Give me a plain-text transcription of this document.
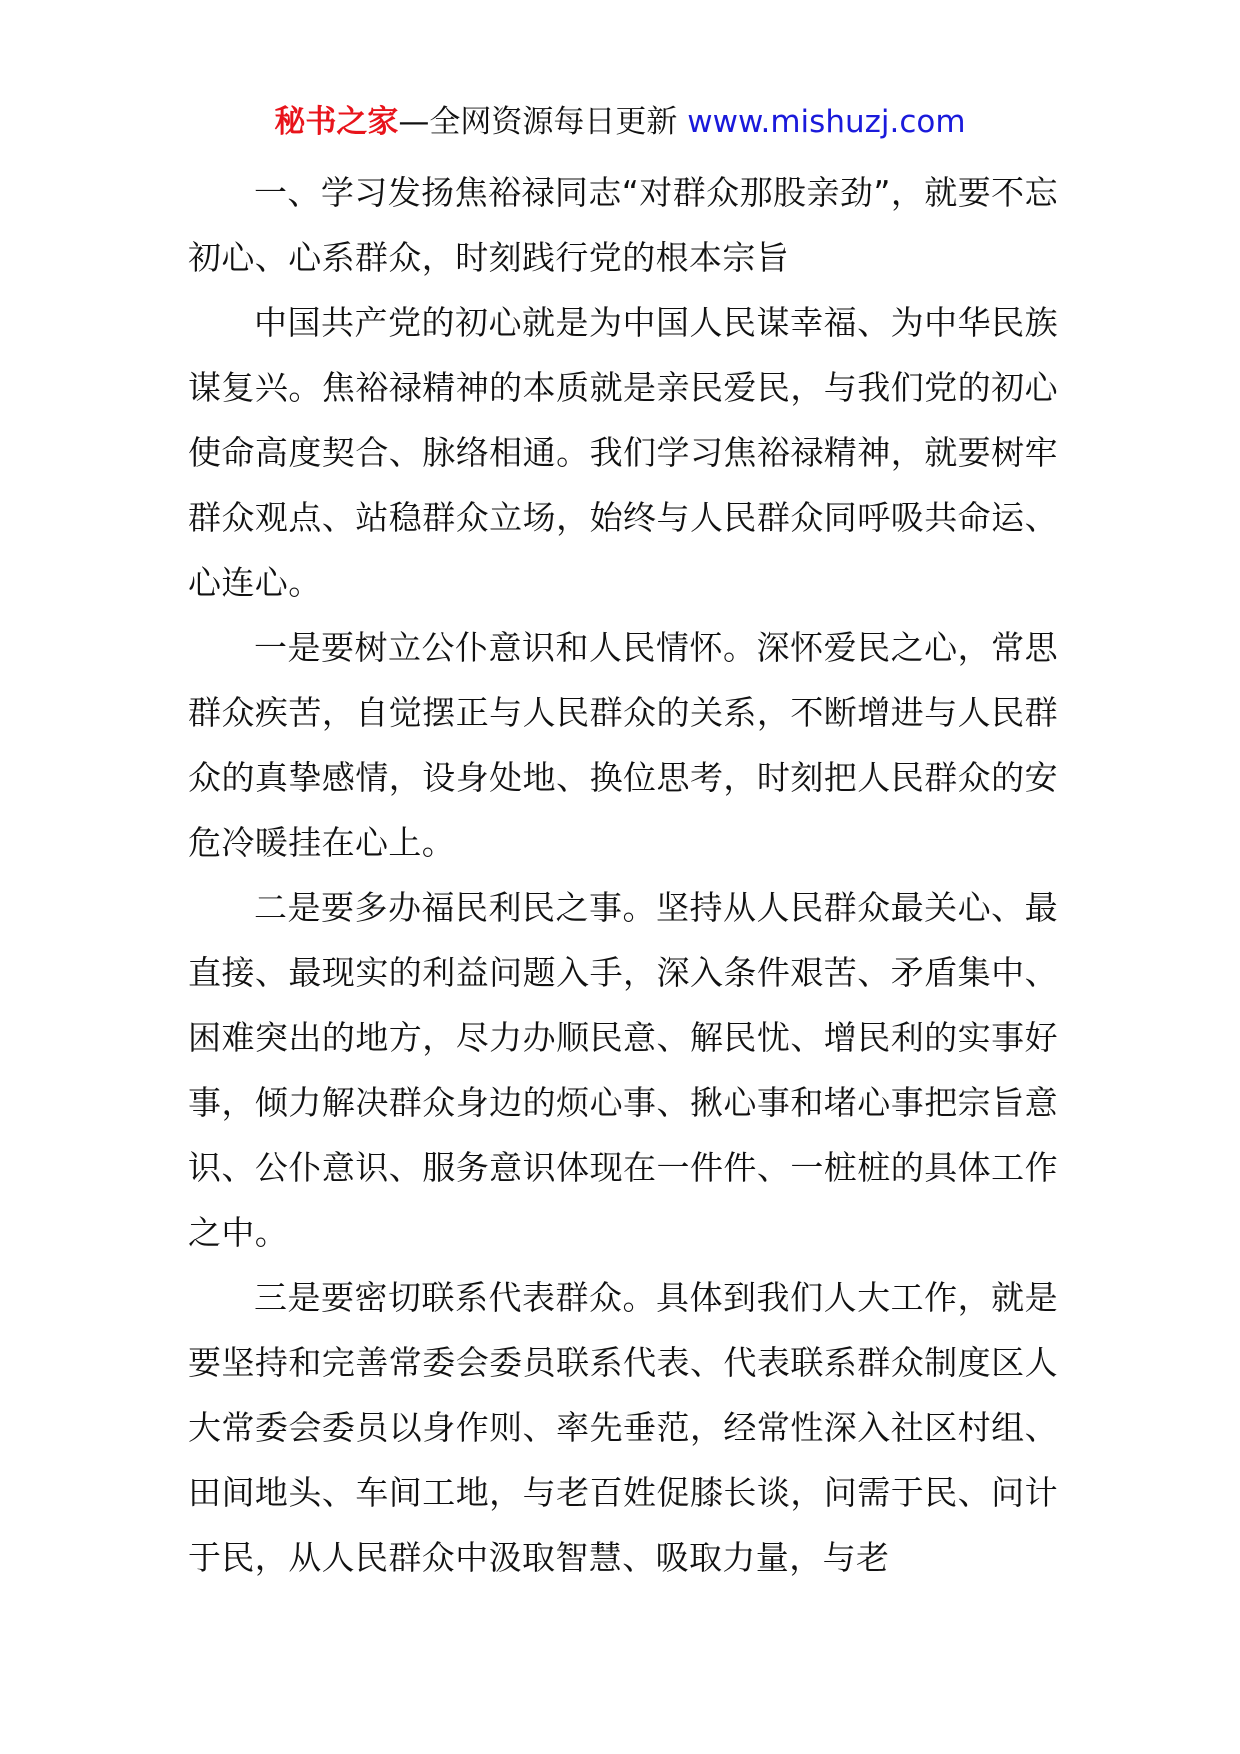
秘书之家—全网资源每日更新 www.mishuzj.com

一、学习发扬焦裕禄同志“对群众那股亲劲”，就要不忘初心、心系群众，时刻践行党的根本宗旨

中国共产党的初心就是为中国人民谋幸福、为中华民族谋复兴。焦裕禄精神的本质就是亲民爱民，与我们党的初心使命高度契合、脉络相通。我们学习焦裕禄精神，就要树牢群众观点、站稳群众立场，始终与人民群众同呼吸共命运、心连心。

一是要树立公仆意识和人民情怀。深怀爱民之心，常思群众疾苦，自觉摆正与人民群众的关系，不断增进与人民群众的真挚感情，设身处地、换位思考，时刻把人民群众的安危冷暖挂在心上。

二是要多办福民利民之事。坚持从人民群众最关心、最直接、最现实的利益问题入手，深入条件艰苦、矛盾集中、困难突出的地方，尽力办顺民意、解民忧、增民利的实事好事，倾力解决群众身边的烦心事、揪心事和堵心事把宗旨意识、公仆意识、服务意识体现在一件件、一桩桩的具体工作之中。

三是要密切联系代表群众。具体到我们人大工作，就是要坚持和完善常委会委员联系代表、代表联系群众制度区人大常委会委员以身作则、率先垂范，经常性深入社区村组、田间地头、车间工地，与老百姓促膝长谈，问需于民、问计于民，从人民群众中汲取智慧、吸取力量，与老
